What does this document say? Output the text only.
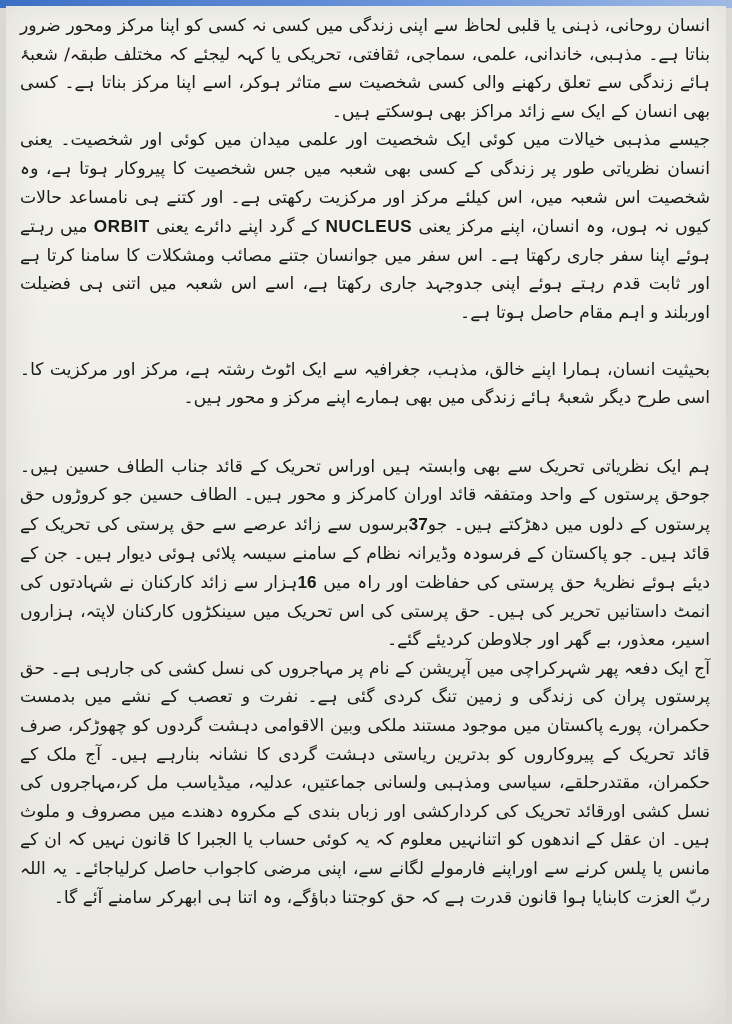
انسان روحانی، ذہنی یا قلبی لحاظ سے اپنی زندگی میں کسی نہ کسی کو اپنا مرکز ومحور ضرور بناتا ہے۔ مذہبی، خاندانی، علمی، سماجی، ثقافتی، تحریکی یا کہہ لیجئے کہ مختلف طبقہ/ شعبۂ ہائے زندگی سے تعلق رکھنے والی کسی شخصیت سے متاثر ہوکر، اسے اپنا مرکز بناتا ہے۔ کسی بھی انسان کے ایک سے زائد مراکز بھی ہوسکتے ہیں۔

جیسے مذہبی خیالات میں کوئی ایک شخصیت اور علمی میدان میں کوئی اور شخصیت۔ یعنی انسان نظریاتی طور پر زندگی کے کسی بھی شعبہ میں جس شخصیت کا پیروکار ہوتا ہے، وہ شخصیت اس شعبہ میں، اس کیلئے مرکز اور مرکزیت رکھتی ہے۔ اور کتنے ہی نامساعد حالات کیوں نہ ہوں، وہ انسان، اپنے مرکز یعنی NUCLEUS کے گرد اپنے دائرے یعنی ORBIT میں رہتے ہوئے اپنا سفر جاری رکھتا ہے۔ اس سفر میں جوانسان جتنے مصائب ومشکلات کا سامنا کرتا ہے اور ثابت قدم رہتے ہوئے اپنی جدوجہد جاری رکھتا ہے، اسے اس شعبہ میں اتنی ہی فضیلت اوربلند و اہم مقام حاصل ہوتا ہے۔

بحیثیت انسان، ہمارا اپنے خالق، مذہب، جغرافیہ سے ایک اٹوٹ رشتہ ہے، مرکز اور مرکزیت کا۔ اسی طرح دیگر شعبۂ ہائے زندگی میں بھی ہمارے اپنے مرکز و محور ہیں۔

ہم ایک نظریاتی تحریک سے بھی وابستہ ہیں اوراس تحریک کے قائد جناب الطاف حسین ہیں۔ جوحق پرستوں کے واحد ومتفقہ قائد اوران کامرکز و محور ہیں۔ الطاف حسین جو کروڑوں حق پرستوں کے دلوں میں دھڑکتے ہیں۔ جو37برسوں سے زائد عرصے سے حق پرستی کی تحریک کے قائد ہیں۔ جو پاکستان کے فرسودہ وڈیرانہ نظام کے سامنے سیسہ پلائی ہوئی دیوار ہیں۔ جن کے دیئے ہوئے نظریۂ حق پرستی کی حفاظت اور راہ میں 16ہزار سے زائد کارکنان نے شہادتوں کی انمٹ داستانیں تحریر کی ہیں۔ حق پرستی کی اس تحریک میں سینکڑوں کارکنان لاپتہ، ہزاروں اسیر، معذور، بے گھر اور جلاوطن کردیئے گئے۔

آج ایک دفعہ پھر شہرکراچی میں آپریشن کے نام پر مہاجروں کی نسل کشی کی جارہی ہے۔ حق پرستوں پران کی زندگی و زمین تنگ کردی گئی ہے۔ نفرت و تعصب کے نشے میں بدمست حکمران، پورے پاکستان میں موجود مستند ملکی وبین الاقوامی دہشت گردوں کو چھوڑکر، صرف قائد تحریک کے پیروکاروں کو بدترین ریاستی دہشت گردی کا نشانہ بنارہے ہیں۔ آج ملک کے حکمران، مقتدرحلقے، سیاسی ومذہبی ولسانی جماعتیں، عدلیہ، میڈیاسب مل کر،مہاجروں کی نسل کشی اورقائد تحریک کی کردارکشی اور زباں بندی کے مکروہ دھندے میں مصروف و ملوث ہیں۔ ان عقل کے اندھوں کو اتنانہیں معلوم کہ یہ کوئی حساب یا الجبرا کا قانون نہیں کہ ان کے مانس یا پلس کرنے سے اوراپنے فارمولے لگانے سے، اپنی مرضی کاجواب حاصل کرلیاجائے۔ یہ اللہ ربّ العزت کابنایا ہوا قانون قدرت ہے کہ حق کوجتنا دباؤگے، وہ اتنا ہی ابھرکر سامنے آئے گا۔
